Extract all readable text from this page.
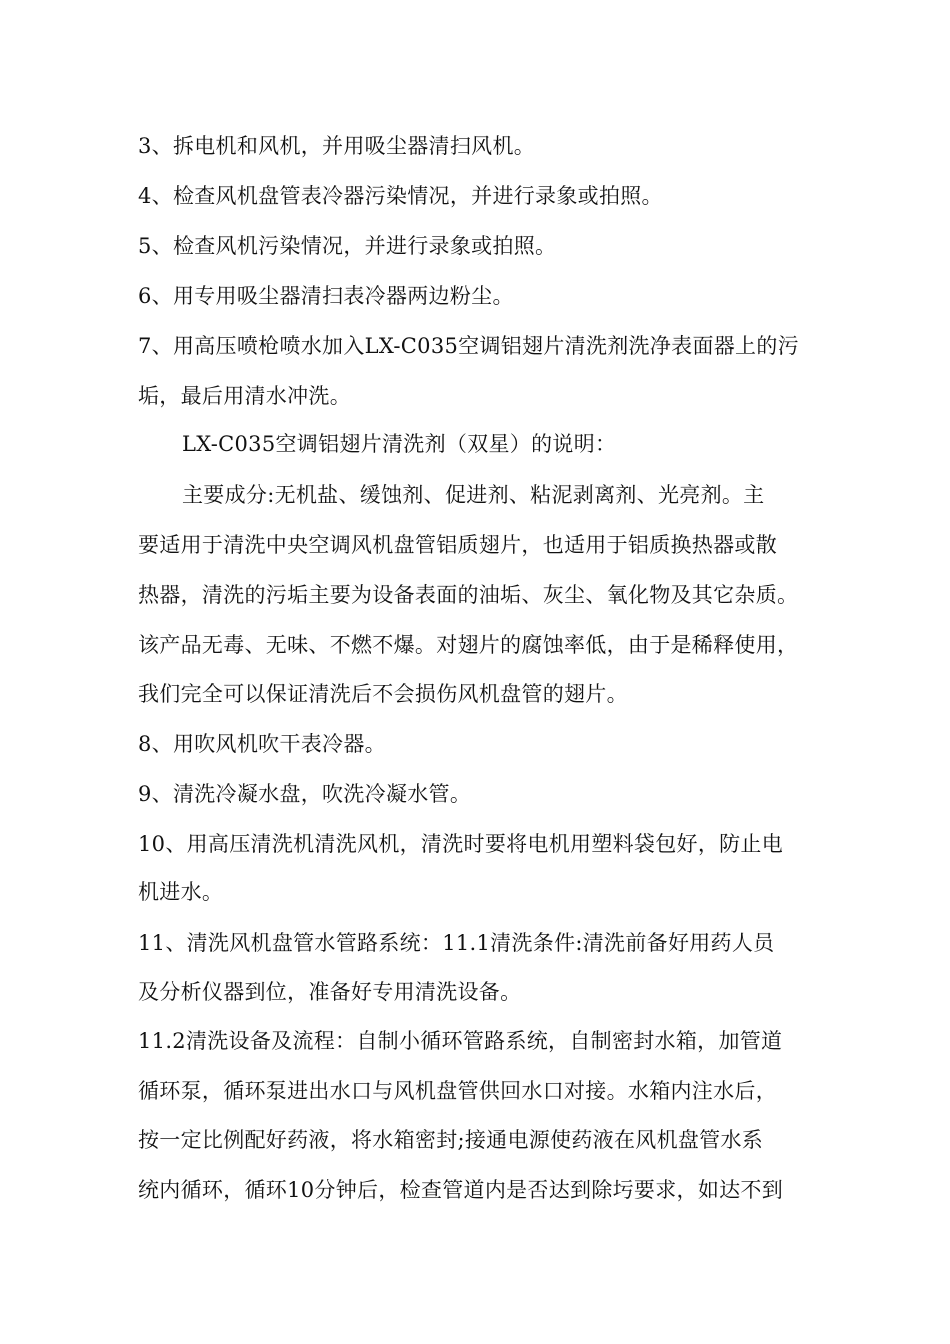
3、拆电机和风机，并用吸尘器清扫风机。
4、检查风机盘管表冷器污染情况，并进行录象或拍照。
5、检查风机污染情况，并进行录象或拍照。
6、用专用吸尘器清扫表冷器两边粉尘。
7、用高压喷枪喷水加入LX-C035空调铝翅片清洗剂洗净表面器上的污
垢，最后用清水冲洗。
LX-C035空调铝翅片清洗剂（双星）的说明：
主要成分:无机盐、缓蚀剂、促进剂、粘泥剥离剂、光亮剂。主
要适用于清洗中央空调风机盘管铝质翅片，也适用于铝质换热器或散
热器，清洗的污垢主要为设备表面的油垢、灰尘、氧化物及其它杂质。
该产品无毒、无味、不燃不爆。对翅片的腐蚀率低，由于是稀释使用，
我们完全可以保证清洗后不会损伤风机盘管的翅片。
8、用吹风机吹干表冷器。
9、清洗冷凝水盘，吹洗冷凝水管。
10、用高压清洗机清洗风机，清洗时要将电机用塑料袋包好，防止电
机进水。
11、清洗风机盘管水管路系统：11.1清洗条件:清洗前备好用药人员
及分析仪器到位，准备好专用清洗设备。
11.2清洗设备及流程：自制小循环管路系统，自制密封水箱，加管道
循环泵，循环泵进出水口与风机盘管供回水口对接。水箱内注水后，
按一定比例配好药液，将水箱密封;接通电源使药液在风机盘管水系
统内循环，循环10分钟后，检查管道内是否达到除圬要求，如达不到
